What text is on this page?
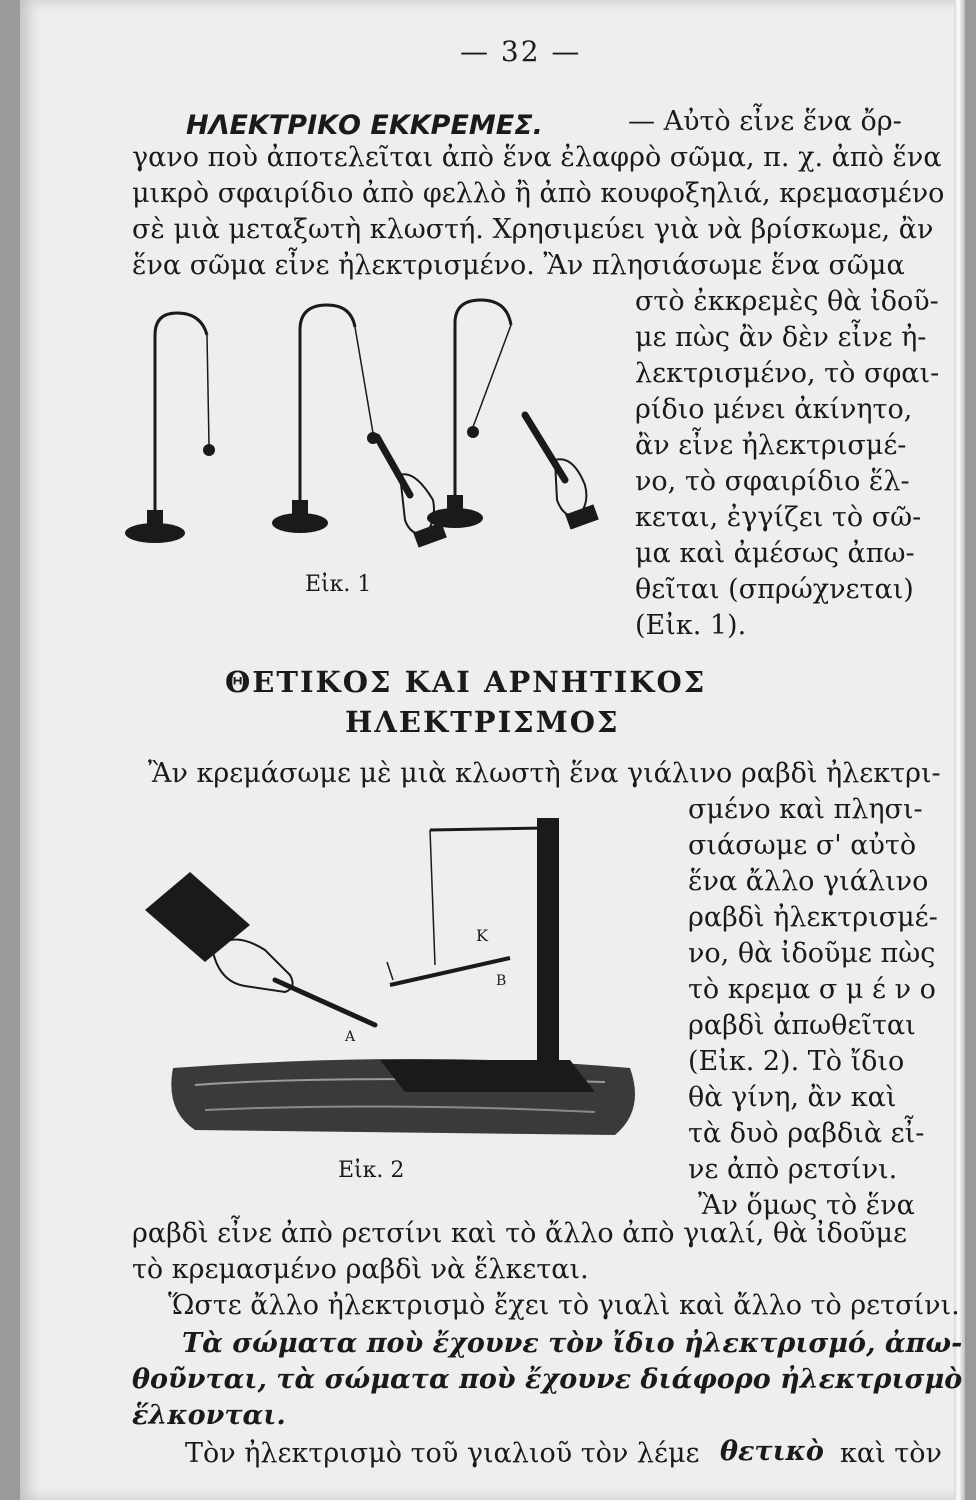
— 32 —
ΗΛΕΚΤΡΙΚΟ ΕΚΚΡΕΜΕΣ.	— Αὐτὸ εἶνε ἕνα ὄρ-
γανο ποὺ ἀποτελεῖται ἀπὸ ἕνα ἐλαφρὸ σῶμα, π. χ. ἀπὸ ἕνα
μικρὸ σφαιρίδιο ἀπὸ φελλὸ ἢ ἀπὸ κουφοξηλιά, κρεμασμένο
σὲ μιὰ μεταξωτὴ κλωστή. Χρησιμεύει γιὰ νὰ βρίσκωμε, ἂν
ἕνα σῶμα εἶνε ἠλεκτρισμένο. Ἂν πλησιάσωμε ἕνα σῶμα
στὸ ἐκκρεμὲς θὰ ἰδοῦ-
με πὼς ἂν δὲν εἶνε ἠ-
λεκτρισμένο, τὸ σφαι-
ρίδιο μένει ἀκίνητο,
ἂν εἶνε ἠλεκτρισμέ-
νο, τὸ σφαιρίδιο ἕλ-
κεται, ἐγγίζει τὸ σῶ-
μα καὶ ἀμέσως ἀπω-
θεῖται (σπρώχνεται)
(Εἰκ. 1).
Εἰκ. 1
ΘΕΤΙΚΟΣ ΚΑΙ ΑΡΝΗΤΙΚΟΣ
ΗΛΕΚΤΡΙΣΜΟΣ
Ἂν κρεμάσωμε μὲ μιὰ κλωστὴ ἕνα γιάλινο ραβδὶ ἠλεκτρι-
σμένο καὶ πλησι-
σιάσωμε σ' αὐτὸ
ἕνα ἄλλο γιάλινο
ραβδὶ ἠλεκτρισμέ-
νο, θὰ ἰδοῦμε πὼς
τὸ κρεμα σ μ έ ν ο
ραβδὶ ἀπωθεῖται
(Εἰκ. 2). Τὸ ἴδιο
θὰ γίνη, ἂν καὶ
τὰ δυὸ ραβδιὰ εἶ-
νε ἀπὸ ρετσίνι.
Ἂν ὅμως τὸ ἕνα
Κ
Α
Β
Εἰκ. 2
ραβδὶ εἶνε ἀπὸ ρετσίνι καὶ τὸ ἄλλο ἀπὸ γιαλί, θὰ ἰδοῦμε
τὸ κρεμασμένο ραβδὶ νὰ ἕλκεται.
Ὥστε ἄλλο ἠλεκτρισμὸ ἔχει τὸ γιαλὶ καὶ ἄλλο τὸ ρετσίνι.
Τὰ σώματα ποὺ ἔχουνε τὸν ἴδιο ἠλεκτρισμό, ἀπω-
θοῦνται, τὰ σώματα ποὺ ἔχουνε διάφορο ἠλεκτρισμὸ
ἕλκονται.
Τὸν ἠλεκτρισμὸ τοῦ γιαλιοῦ τὸν λέμε θετικὸ καὶ τὸν
